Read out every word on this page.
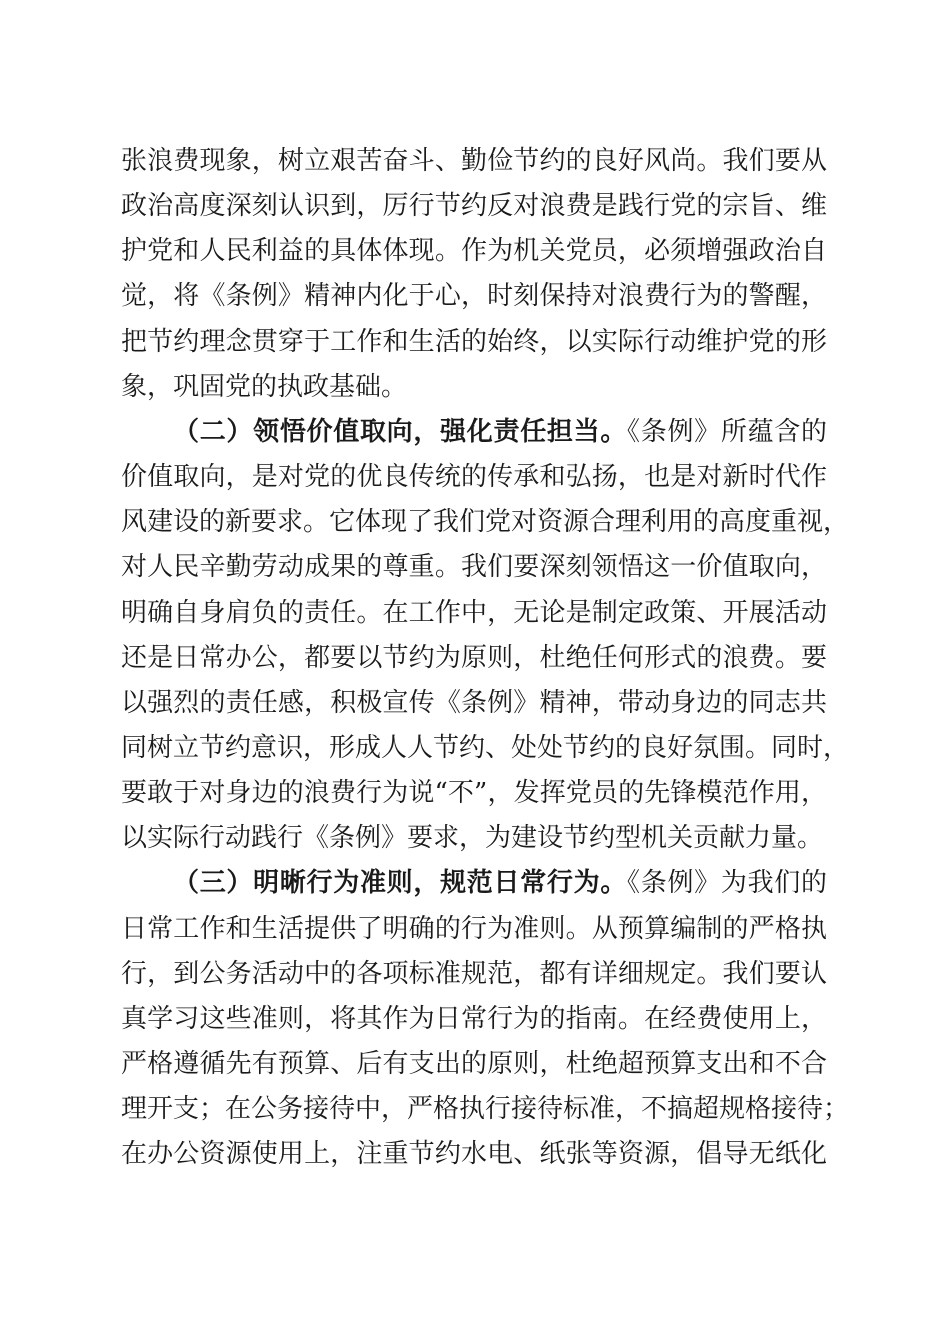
张浪费现象，树立艰苦奋斗、勤俭节约的良好风尚。我们要从
政治高度深刻认识到，厉行节约反对浪费是践行党的宗旨、维
护党和人民利益的具体体现。作为机关党员，必须增强政治自
觉，将《条例》精神内化于心，时刻保持对浪费行为的警醒，
把节约理念贯穿于工作和生活的始终，以实际行动维护党的形
象，巩固党的执政基础。
（二）领悟价值取向，强化责任担当。《条例》所蕴含的
价值取向，是对党的优良传统的传承和弘扬，也是对新时代作
风建设的新要求。它体现了我们党对资源合理利用的高度重视，
对人民辛勤劳动成果的尊重。我们要深刻领悟这一价值取向，
明确自身肩负的责任。在工作中，无论是制定政策、开展活动
还是日常办公，都要以节约为原则，杜绝任何形式的浪费。要
以强烈的责任感，积极宣传《条例》精神，带动身边的同志共
同树立节约意识，形成人人节约、处处节约的良好氛围。同时，
要敢于对身边的浪费行为说“不”，发挥党员的先锋模范作用，
以实际行动践行《条例》要求，为建设节约型机关贡献力量。
（三）明晰行为准则，规范日常行为。《条例》为我们的
日常工作和生活提供了明确的行为准则。从预算编制的严格执
行，到公务活动中的各项标准规范，都有详细规定。我们要认
真学习这些准则，将其作为日常行为的指南。在经费使用上，
严格遵循先有预算、后有支出的原则，杜绝超预算支出和不合
理开支；在公务接待中，严格执行接待标准，不搞超规格接待；
在办公资源使用上，注重节约水电、纸张等资源，倡导无纸化
